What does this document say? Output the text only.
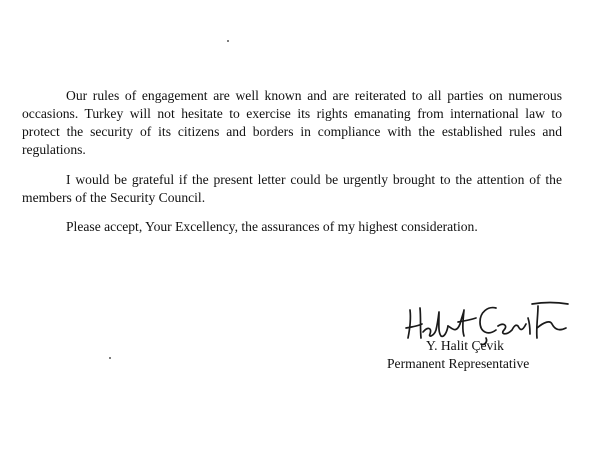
Our rules of engagement are well known and are reiterated to all parties on numerous
occasions. Turkey will not hesitate to exercise its rights emanating from international law to
protect the security of its citizens and borders in compliance with the established rules and
regulations.

I would be grateful if the present letter could be urgently brought to the attention of the
members of the Security Council.

Please accept, Your Excellency, the assurances of my highest consideration.

Y. Halit Çevik
Permanent Representative
